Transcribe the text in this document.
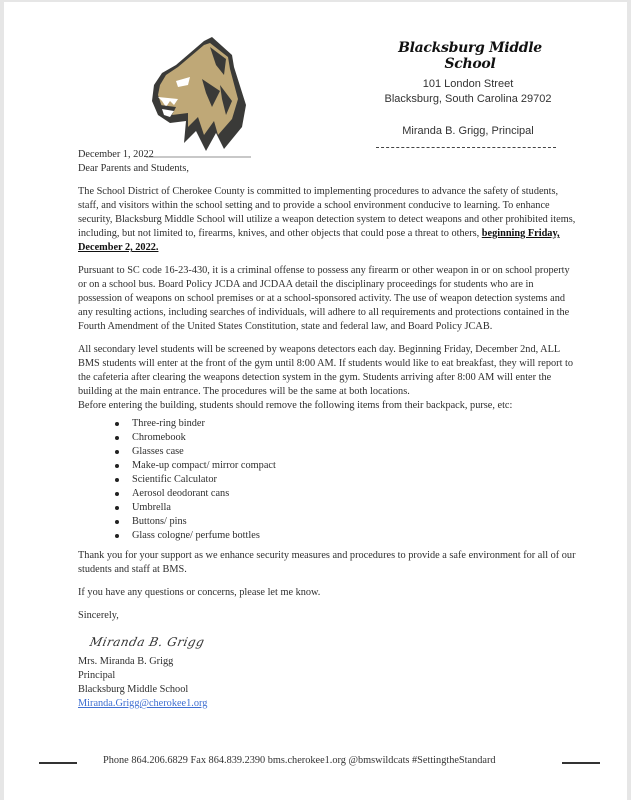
Blacksburg Middle School
101 London Street
Blacksburg, South Carolina 29702
Miranda B. Grigg, Principal

December 1, 2022

Dear Parents and Students,

The School District of Cherokee County is committed to implementing procedures to advance the safety of students, staff, and visitors within the school setting and to provide a school environment conducive to learning. To enhance security, Blacksburg Middle School will utilize a weapon detection system to detect weapons and other prohibited items, including, but not limited to, firearms, knives, and other objects that could pose a threat to others, beginning Friday, December 2, 2022.

Pursuant to SC code 16-23-430, it is a criminal offense to possess any firearm or other weapon in or on school property or on a school bus. Board Policy JCDA and JCDAA detail the disciplinary proceedings for students who are in possession of weapons on school premises or at a school-sponsored activity. The use of weapon detection systems and any resulting actions, including searches of individuals, will adhere to all requirements and protections contained in the Fourth Amendment of the United States Constitution, state and federal law, and Board Policy JCAB.

All secondary level students will be screened by weapons detectors each day. Beginning Friday, December 2nd, ALL BMS students will enter at the front of the gym until 8:00 AM. If students would like to eat breakfast, they will report to the cafeteria after clearing the weapons detection system in the gym. Students arriving after 8:00 AM will enter the building at the main entrance. The procedures will be the same at both locations.

Before entering the building, students should remove the following items from their backpack, purse, etc:

Three-ring binder
Chromebook
Glasses case
Make-up compact/ mirror compact
Scientific Calculator
Aerosol deodorant cans
Umbrella
Buttons/ pins
Glass cologne/ perfume bottles

Thank you for your support as we enhance security measures and procedures to provide a safe environment for all of our students and staff at BMS.

If you have any questions or concerns, please let me know.

Sincerely,

Miranda B. Grigg

Mrs. Miranda B. Grigg

Principal

Blacksburg Middle School

Miranda.Grigg@cherokee1.org

Phone 864.206.6829 Fax 864.839.2390 bms.cherokee1.org @bmswildcats #SettingtheStandard
